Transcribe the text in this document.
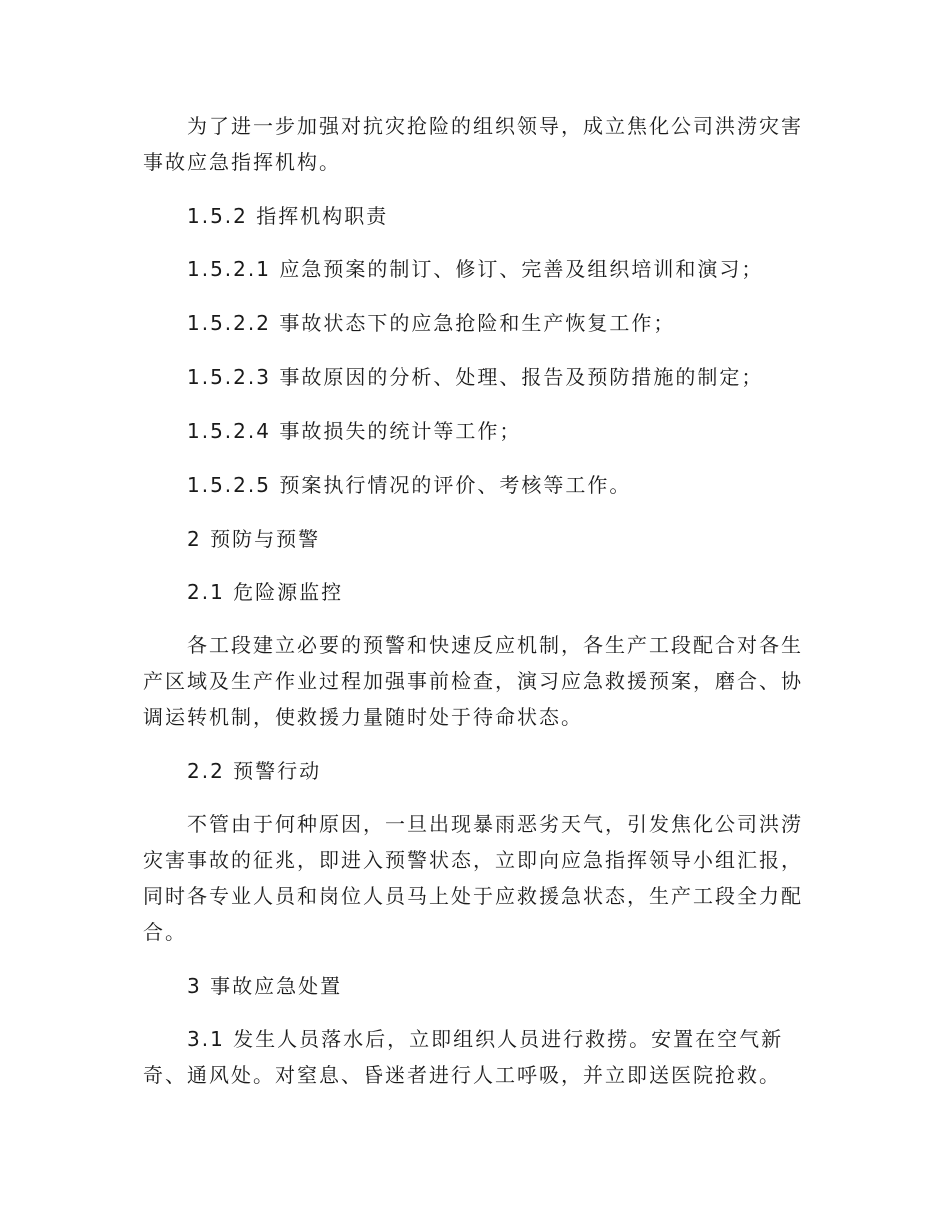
为了进一步加强对抗灾抢险的组织领导，成立焦化公司洪涝灾害事故应急指挥机构。

1.5.2 指挥机构职责

1.5.2.1 应急预案的制订、修订、完善及组织培训和演习；

1.5.2.2 事故状态下的应急抢险和生产恢复工作；

1.5.2.3 事故原因的分析、处理、报告及预防措施的制定；

1.5.2.4 事故损失的统计等工作；

1.5.2.5 预案执行情况的评价、考核等工作。

2 预防与预警

2.1 危险源监控

各工段建立必要的预警和快速反应机制，各生产工段配合对各生产区域及生产作业过程加强事前检查，演习应急救援预案，磨合、协调运转机制，使救援力量随时处于待命状态。

2.2 预警行动

不管由于何种原因，一旦出现暴雨恶劣天气，引发焦化公司洪涝灾害事故的征兆，即进入预警状态，立即向应急指挥领导小组汇报，同时各专业人员和岗位人员马上处于应救援急状态，生产工段全力配合。

3 事故应急处置

3.1 发生人员落水后，立即组织人员进行救捞。安置在空气新奇、通风处。对窒息、昏迷者进行人工呼吸，并立即送医院抢救。
